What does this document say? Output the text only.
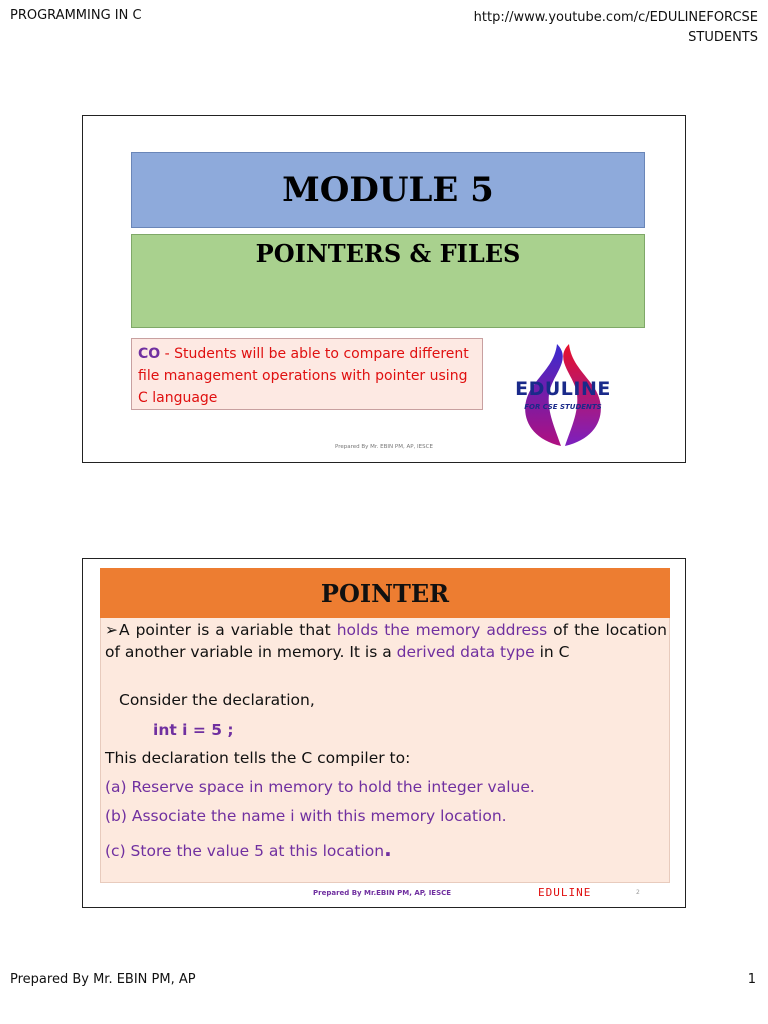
PROGRAMMING IN C	http://www.youtube.com/c/EDULINEFORCSE
STUDENTS
MODULE 5
POINTERS & FILES
CO - Students will be able to compare different file management operations with pointer using C language	EDULINE
FOR CSE STUDENTS
Prepared By Mr. EBIN PM, AP, IESCE
POINTER
➢A pointer is a variable that holds the memory address of the location of another variable in memory. It is a derived data type in C
Consider the declaration,
int i = 5 ;
This declaration tells the C compiler to:
(a) Reserve space in memory to hold the integer value.
(b) Associate the name i with this memory location.
(c) Store the value 5 at this location.
Prepared By Mr.EBIN PM, AP, IESCE	EDULINE	2
Prepared By Mr. EBIN PM, AP	1
